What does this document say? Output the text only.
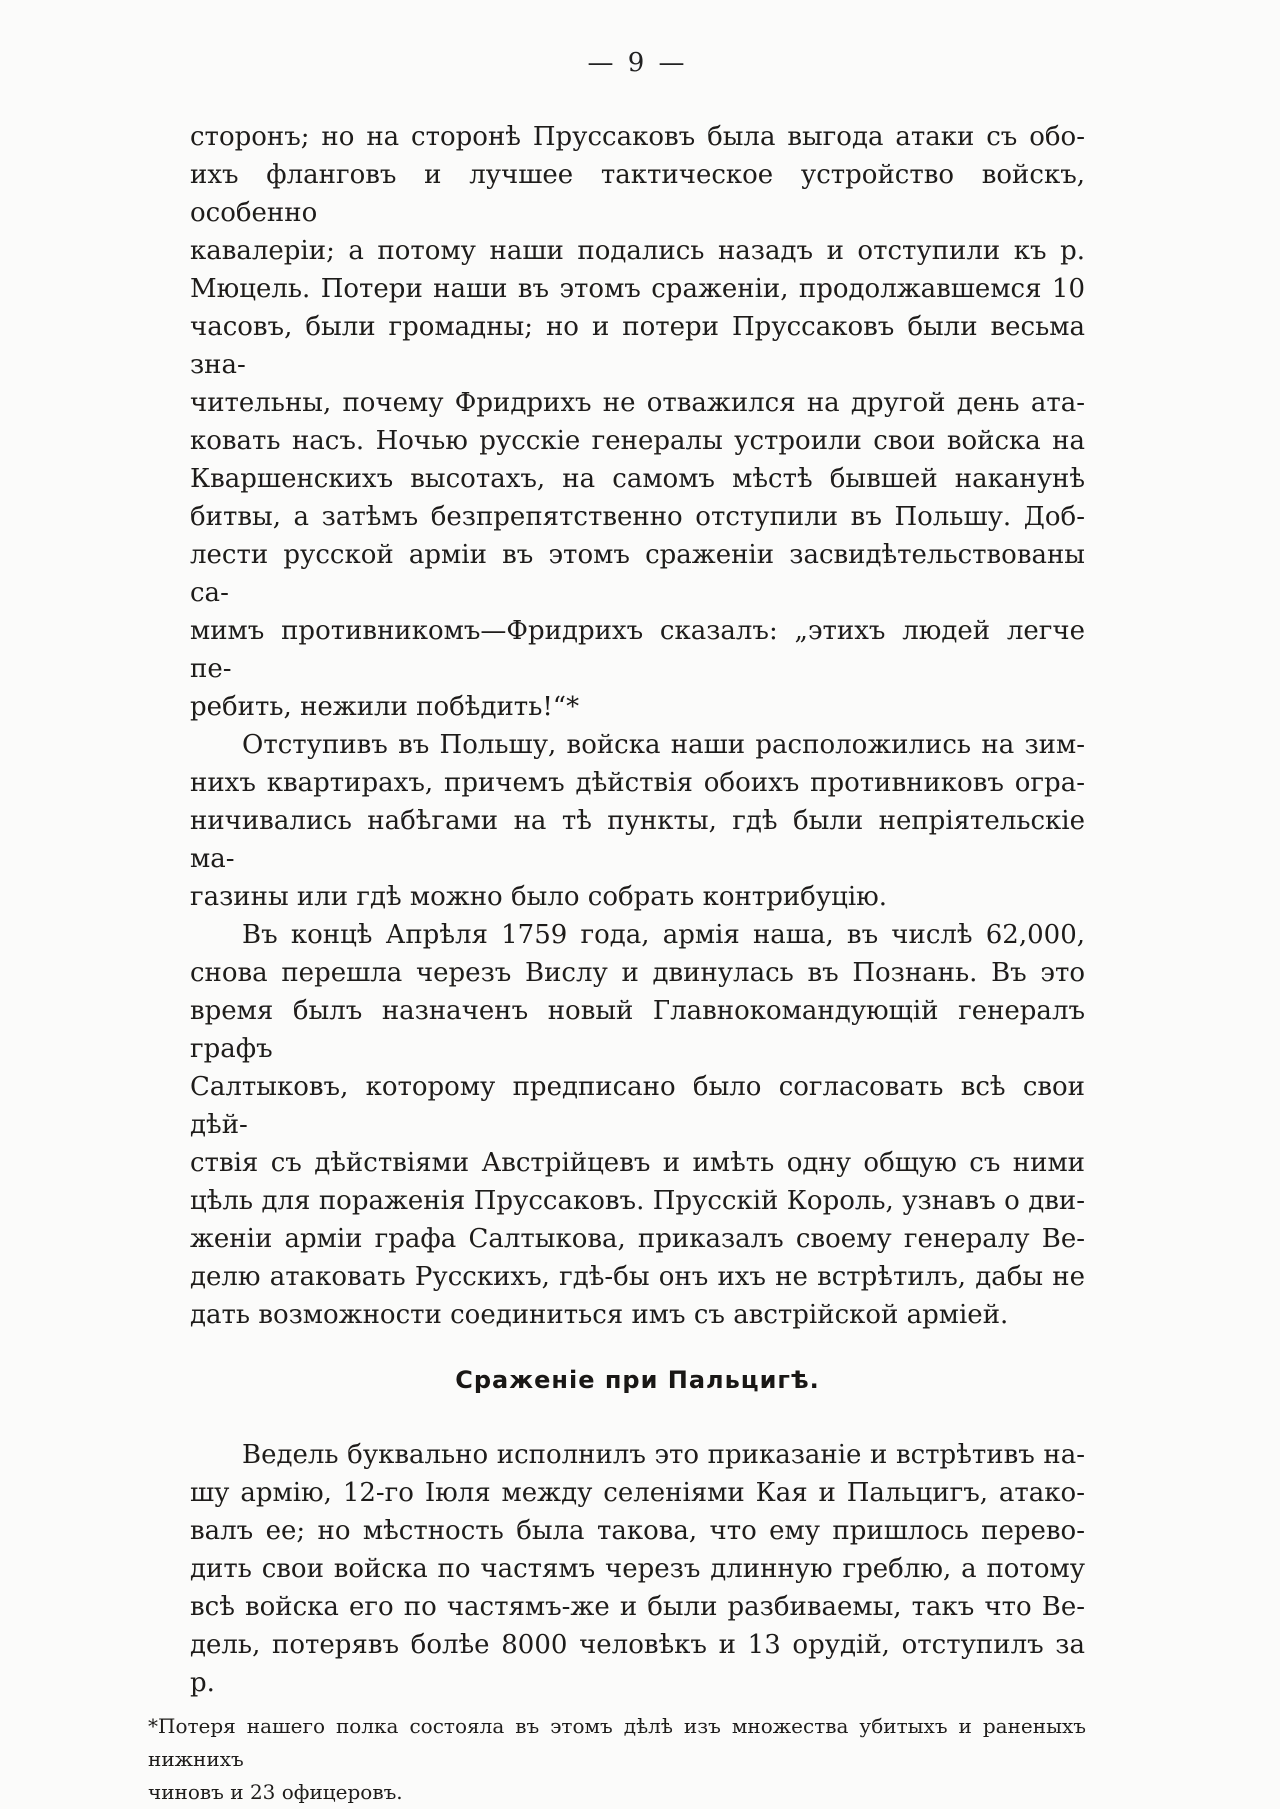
— 9 —
сторонъ; но на сторонѣ Пруссаковъ была выгода атаки съ обо-
ихъ фланговъ и лучшее тактическое устройство войскъ, особенно
кавалеріи; а потому наши подались назадъ и отступили къ р.
Мюцель. Потери наши въ этомъ сраженіи, продолжавшемся 10
часовъ, были громадны; но и потери Пруссаковъ были весьма зна-
чительны, почему Фридрихъ не отважился на другой день ата-
ковать насъ. Ночью русскіе генералы устроили свои войска на
Кваршенскихъ высотахъ, на самомъ мѣстѣ бывшей наканунѣ
битвы, а затѣмъ безпрепятственно отступили въ Польшу. Доб-
лести русской арміи въ этомъ сраженіи засвидѣтельствованы са-
мимъ противникомъ—Фридрихъ сказалъ: „этихъ людей легче пе-
ребить, нежили побѣдить!“*
Отступивъ въ Польшу, войска наши расположились на зим-
нихъ квартирахъ, причемъ дѣйствія обоихъ противниковъ огра-
ничивались набѣгами на тѣ пункты, гдѣ были непріятельскіе ма-
газины или гдѣ можно было собрать контрибуцію.
Въ концѣ Апрѣля 1759 года, армія наша, въ числѣ 62,000,
снова перешла черезъ Вислу и двинулась въ Познань. Въ это
время былъ назначенъ новый Главнокомандующій генералъ графъ
Салтыковъ, которому предписано было согласовать всѣ свои дѣй-
ствія съ дѣйствіями Австрійцевъ и имѣть одну общую съ ними
цѣль для пораженія Пруссаковъ. Прусскій Король, узнавъ о дви-
женіи арміи графа Салтыкова, приказалъ своему генералу Ве-
делю атаковать Русскихъ, гдѣ-бы онъ ихъ не встрѣтилъ, дабы не
дать возможности соединиться имъ съ австрійской арміей.
Сраженіе при Пальцигѣ.
Ведель буквально исполнилъ это приказаніе и встрѣтивъ на-
шу армію, 12-го Іюля между селеніями Кая и Пальцигъ, атако-
валъ ее; но мѣстность была такова, что ему пришлось перево-
дить свои войска по частямъ черезъ длинную греблю, а потому
всѣ войска его по частямъ-же и были разбиваемы, такъ что Ве-
дель, потерявъ болѣе 8000 человѣкъ и 13 орудій, отступилъ за р.
*Потеря нашего полка состояла въ этомъ дѣлѣ изъ множества убитыхъ и раненыхъ нижнихъ
чиновъ и 23 офицеровъ.
